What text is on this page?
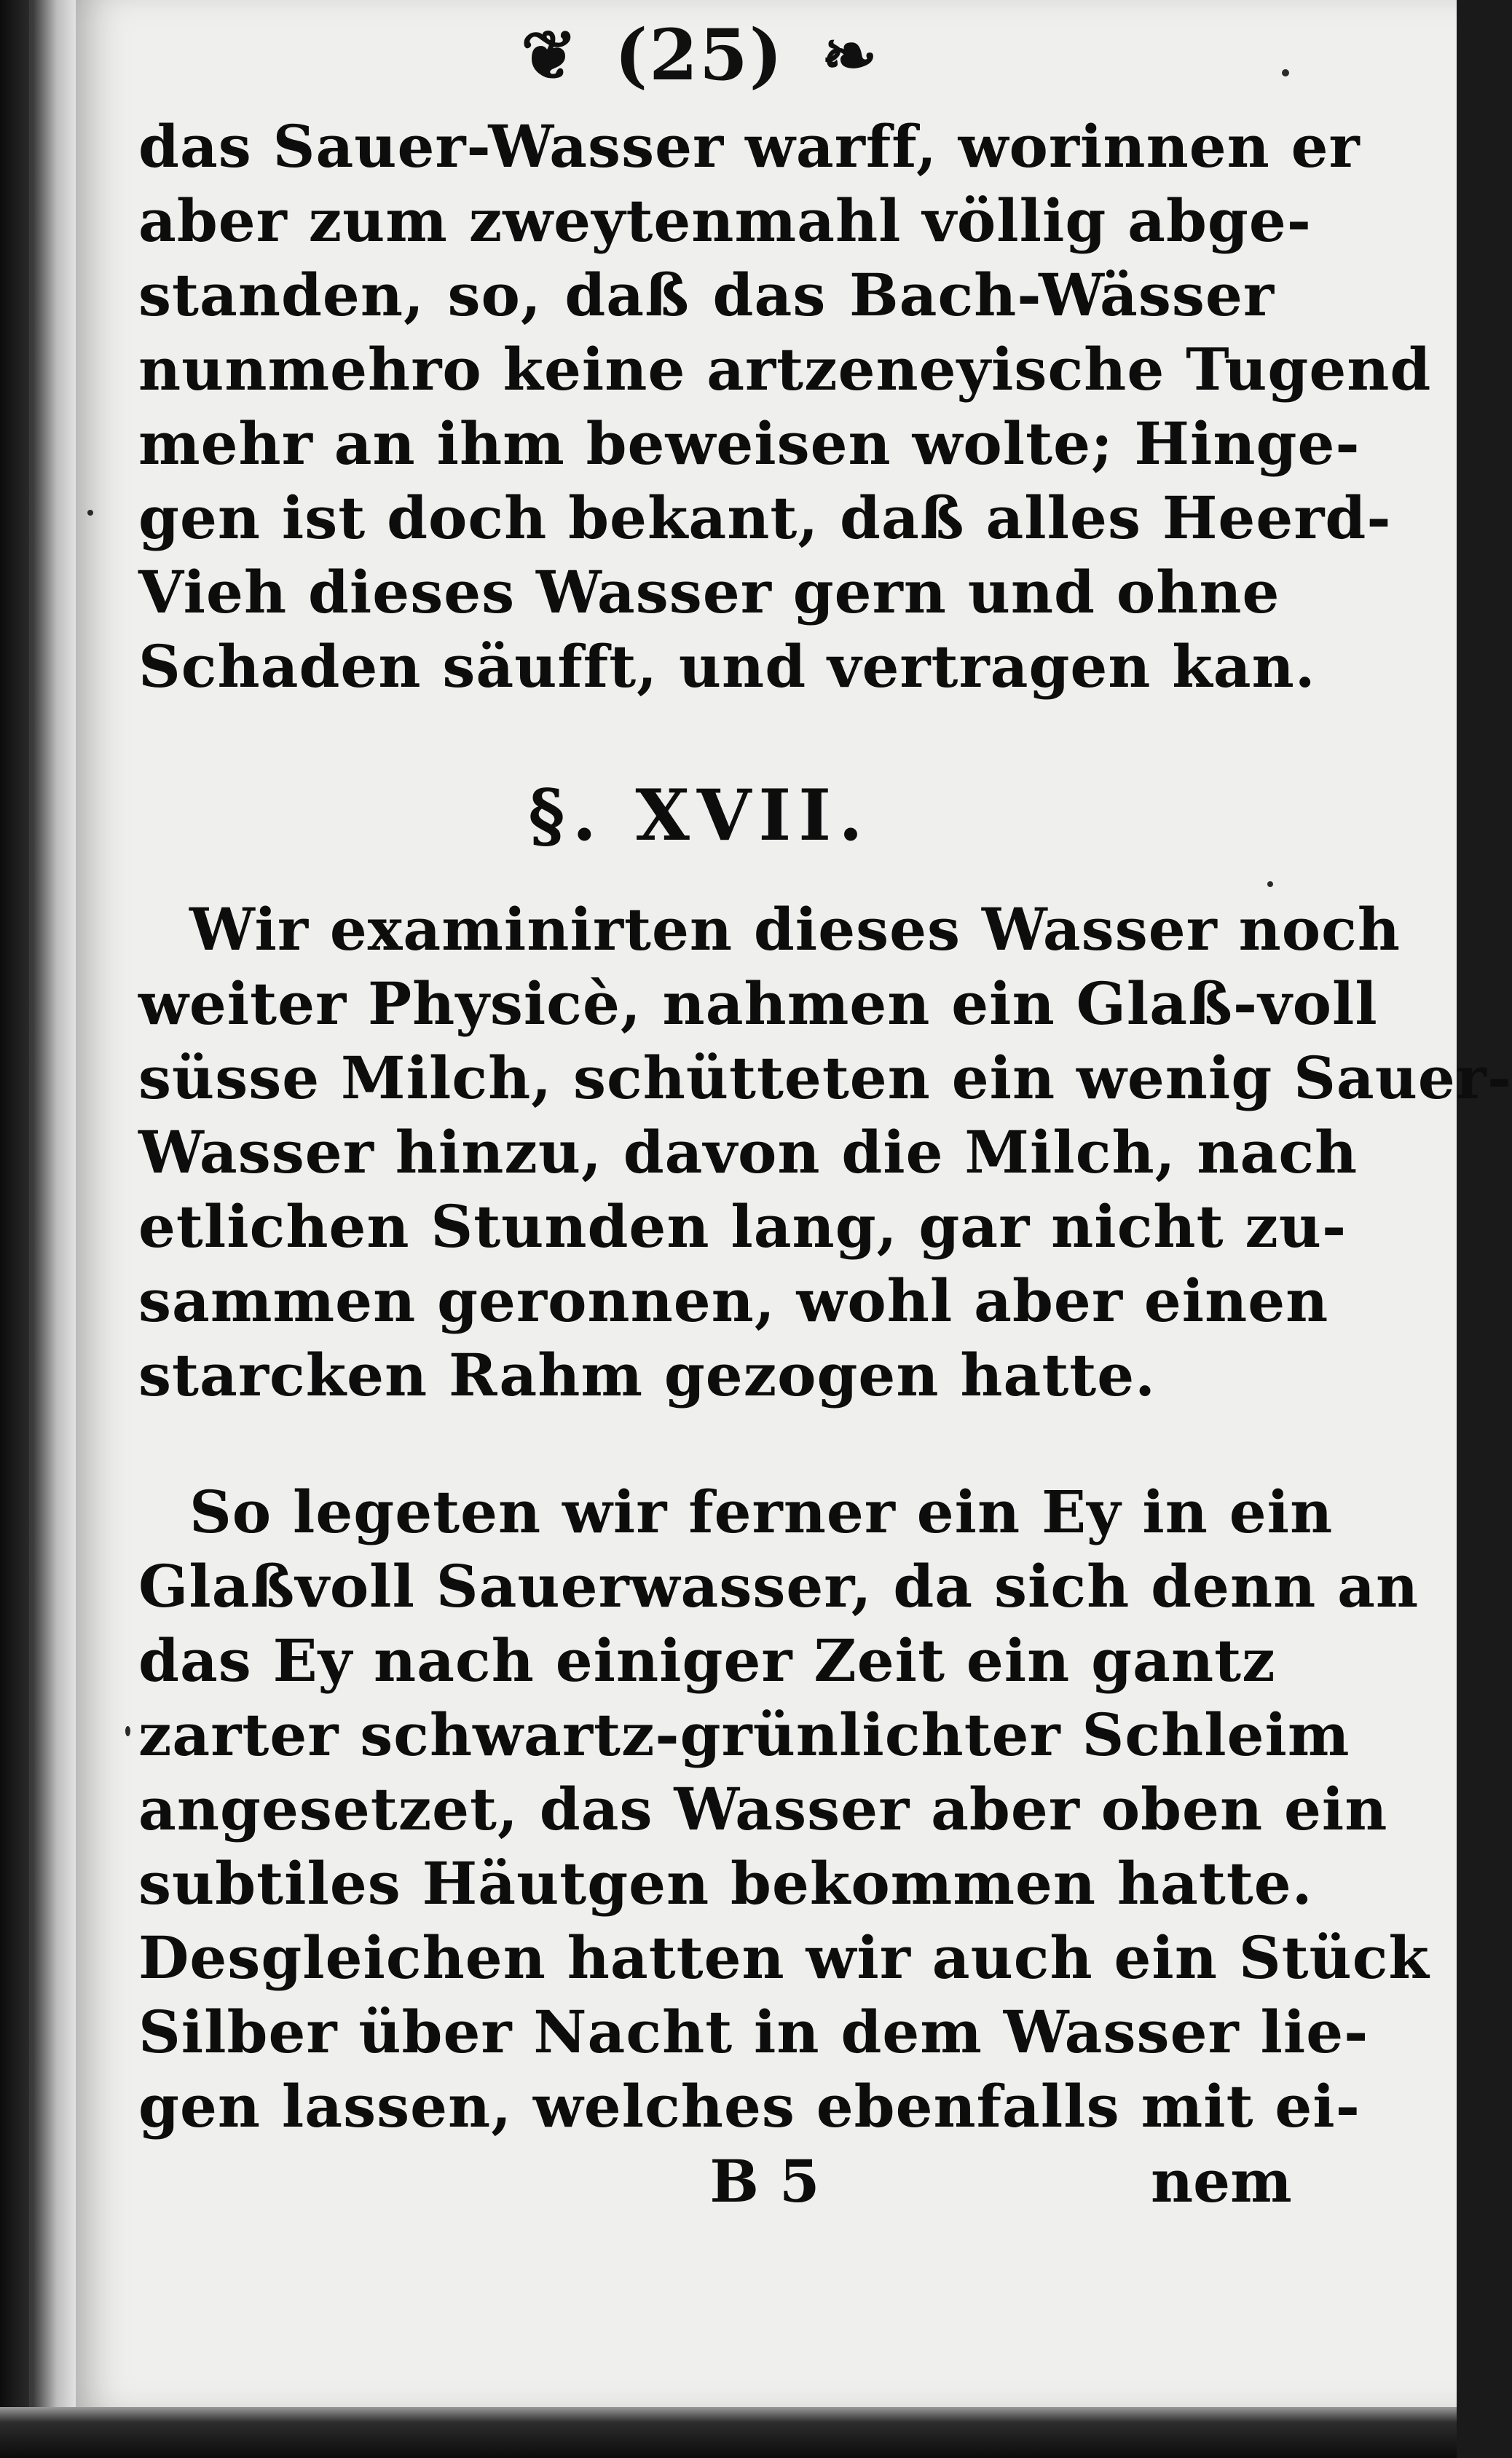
❦ (25) ❧
das Sauer-Wasser warff, worinnen er
aber zum zweytenmahl völlig abge-
standen, so, daß das Bach-Wässer
nunmehro keine artzeneyische Tugend
mehr an ihm beweisen wolte; Hinge-
gen ist doch bekant, daß alles Heerd-
Vieh dieses Wasser gern und ohne
Schaden säufft, und vertragen kan.
§. XVII.
Wir examinirten dieses Wasser noch
weiter Physicè, nahmen ein Glaß-voll
süsse Milch, schütteten ein wenig Sauer-
Wasser hinzu, davon die Milch, nach
etlichen Stunden lang, gar nicht zu-
sammen geronnen, wohl aber einen
starcken Rahm gezogen hatte.
So legeten wir ferner ein Ey in ein
Glaßvoll Sauerwasser, da sich denn an
das Ey nach einiger Zeit ein gantz
zarter schwartz-grünlichter Schleim
angesetzet, das Wasser aber oben ein
subtiles Häutgen bekommen hatte.
Desgleichen hatten wir auch ein Stück
Silber über Nacht in dem Wasser lie-
gen lassen, welches ebenfalls mit ei-
B 5	nem
